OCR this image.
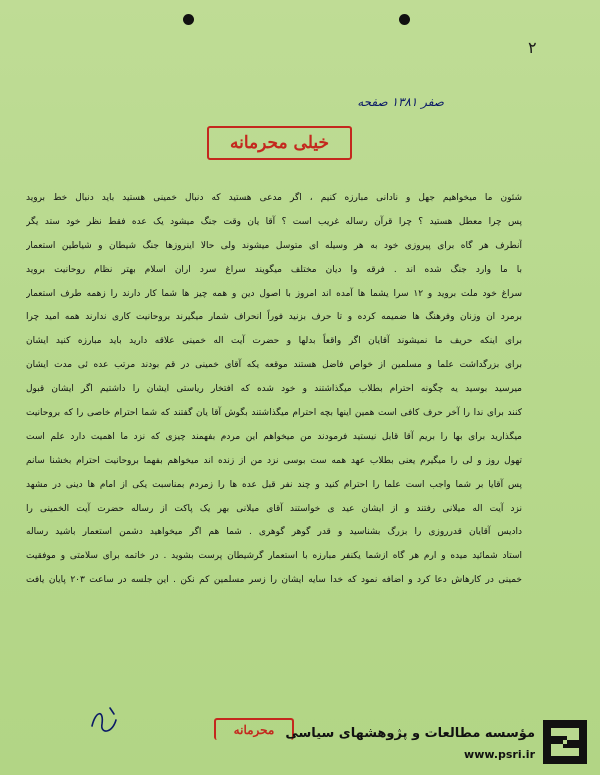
۲
صفر ۱۳۸۱ صفحه
خیلی محرمانه
شئون ما میخواهیم جهل و نادانی مبارزه کنیم ، اگر مدعی هستید که دنبال خمینی هستید باید دنبال خط بروید
پس چرا معطل هستید ؟ چرا قرآن رساله غریب است ؟ آقا یان وقت جنگ میشود یک عده فقط نظر خود ستد یگر
آنطرف هر گاه برای پیروزی خود به هر وسیله ای متوسل میشوند ولی حالا اینروزها جنگ شیطان و شیاطین استعمار
با ما وارد جنگ شده اند . فرقه وا دیان مختلف میگویند سراغ سرد اران اسلام بهتر نظام روحانیت بروید
سراغ خود ملت بروید و ۱۲ سرا یشما ها آمده اند امروز با اصول دین و همه چیز ها شما کار دارند را زهمه طرف استعمار
برمرد ان وزنان وفرهنگ ها ضمیمه کرده و تا حرف بزنید فوراً انحراف شمار میگیرند بروحانیت کاری ندارند همه امید چرا
برای اینکه حریف ما نمیشوند آقایان اگر واقعاً بدلها و حضرت آیت اله خمینی علاقه دارید باید مبارزه کنید ایشان
برای بزرگداشت علما و مسلمین از خواص فاضل هستند موقعه یکه آقای خمینی در قم بودند مرتب عده ئی مدت ایشان
میرسید بوسید یه چگونه احترام بطلاب میگذاشتند و خود شده که افتخار ریاستی ایشان را داشتیم اگر ایشان قبول
کنند برای ندا را آخر حرف کافی است همین اینها بچه احترام میگذاشتند بگوش آقا یان گفتند که شما احترام خاصی را که بروحانیت
میگذارید برای بها را بریم آقا قابل نیستید فرمودند من میخواهم این مردم بفهمند چیزی که نزد ما اهمیت دارد علم است
تهول روز و لی را میگیرم یعنی بطلاب عهد همه ست بوسی نزد من از زنده اند میخواهم بفهما بروحانیت احترام بخشنا سانم
پس آقایا بر شما واجب است علما را احترام کنید و چند نفر قبل عده ها را زمردم بمناسبت یکی از امام ها دینی در مشهد
نزد آیت اله میلانی رفتند و از ایشان عید ی خواستند آقای میلانی بهر یک پاکت از رساله حضرت آیت الخمینی را
دادیس آقایان قدرروزی را بزرگ بشناسید و قدر گوهر گوهری . شما هم اگر میخواهید دشمن استعمار باشید رساله
استاد شمائید میده و ارم هر گاه ازشما یکنفر مبارزه با استعمار گرشیطان پرست بشوید . در خاتمه برای سلامتی و موفقیت
خمینی در کارهاش دعا کرد و اضافه نمود که خدا سایه ایشان را زسر مسلمین کم نکن . این جلسه در ساعت ۲۰۳ پایان یافت
محرمانه مؤسسه مطالعات و پژوهشهای سیاسی
www.psri.ir
